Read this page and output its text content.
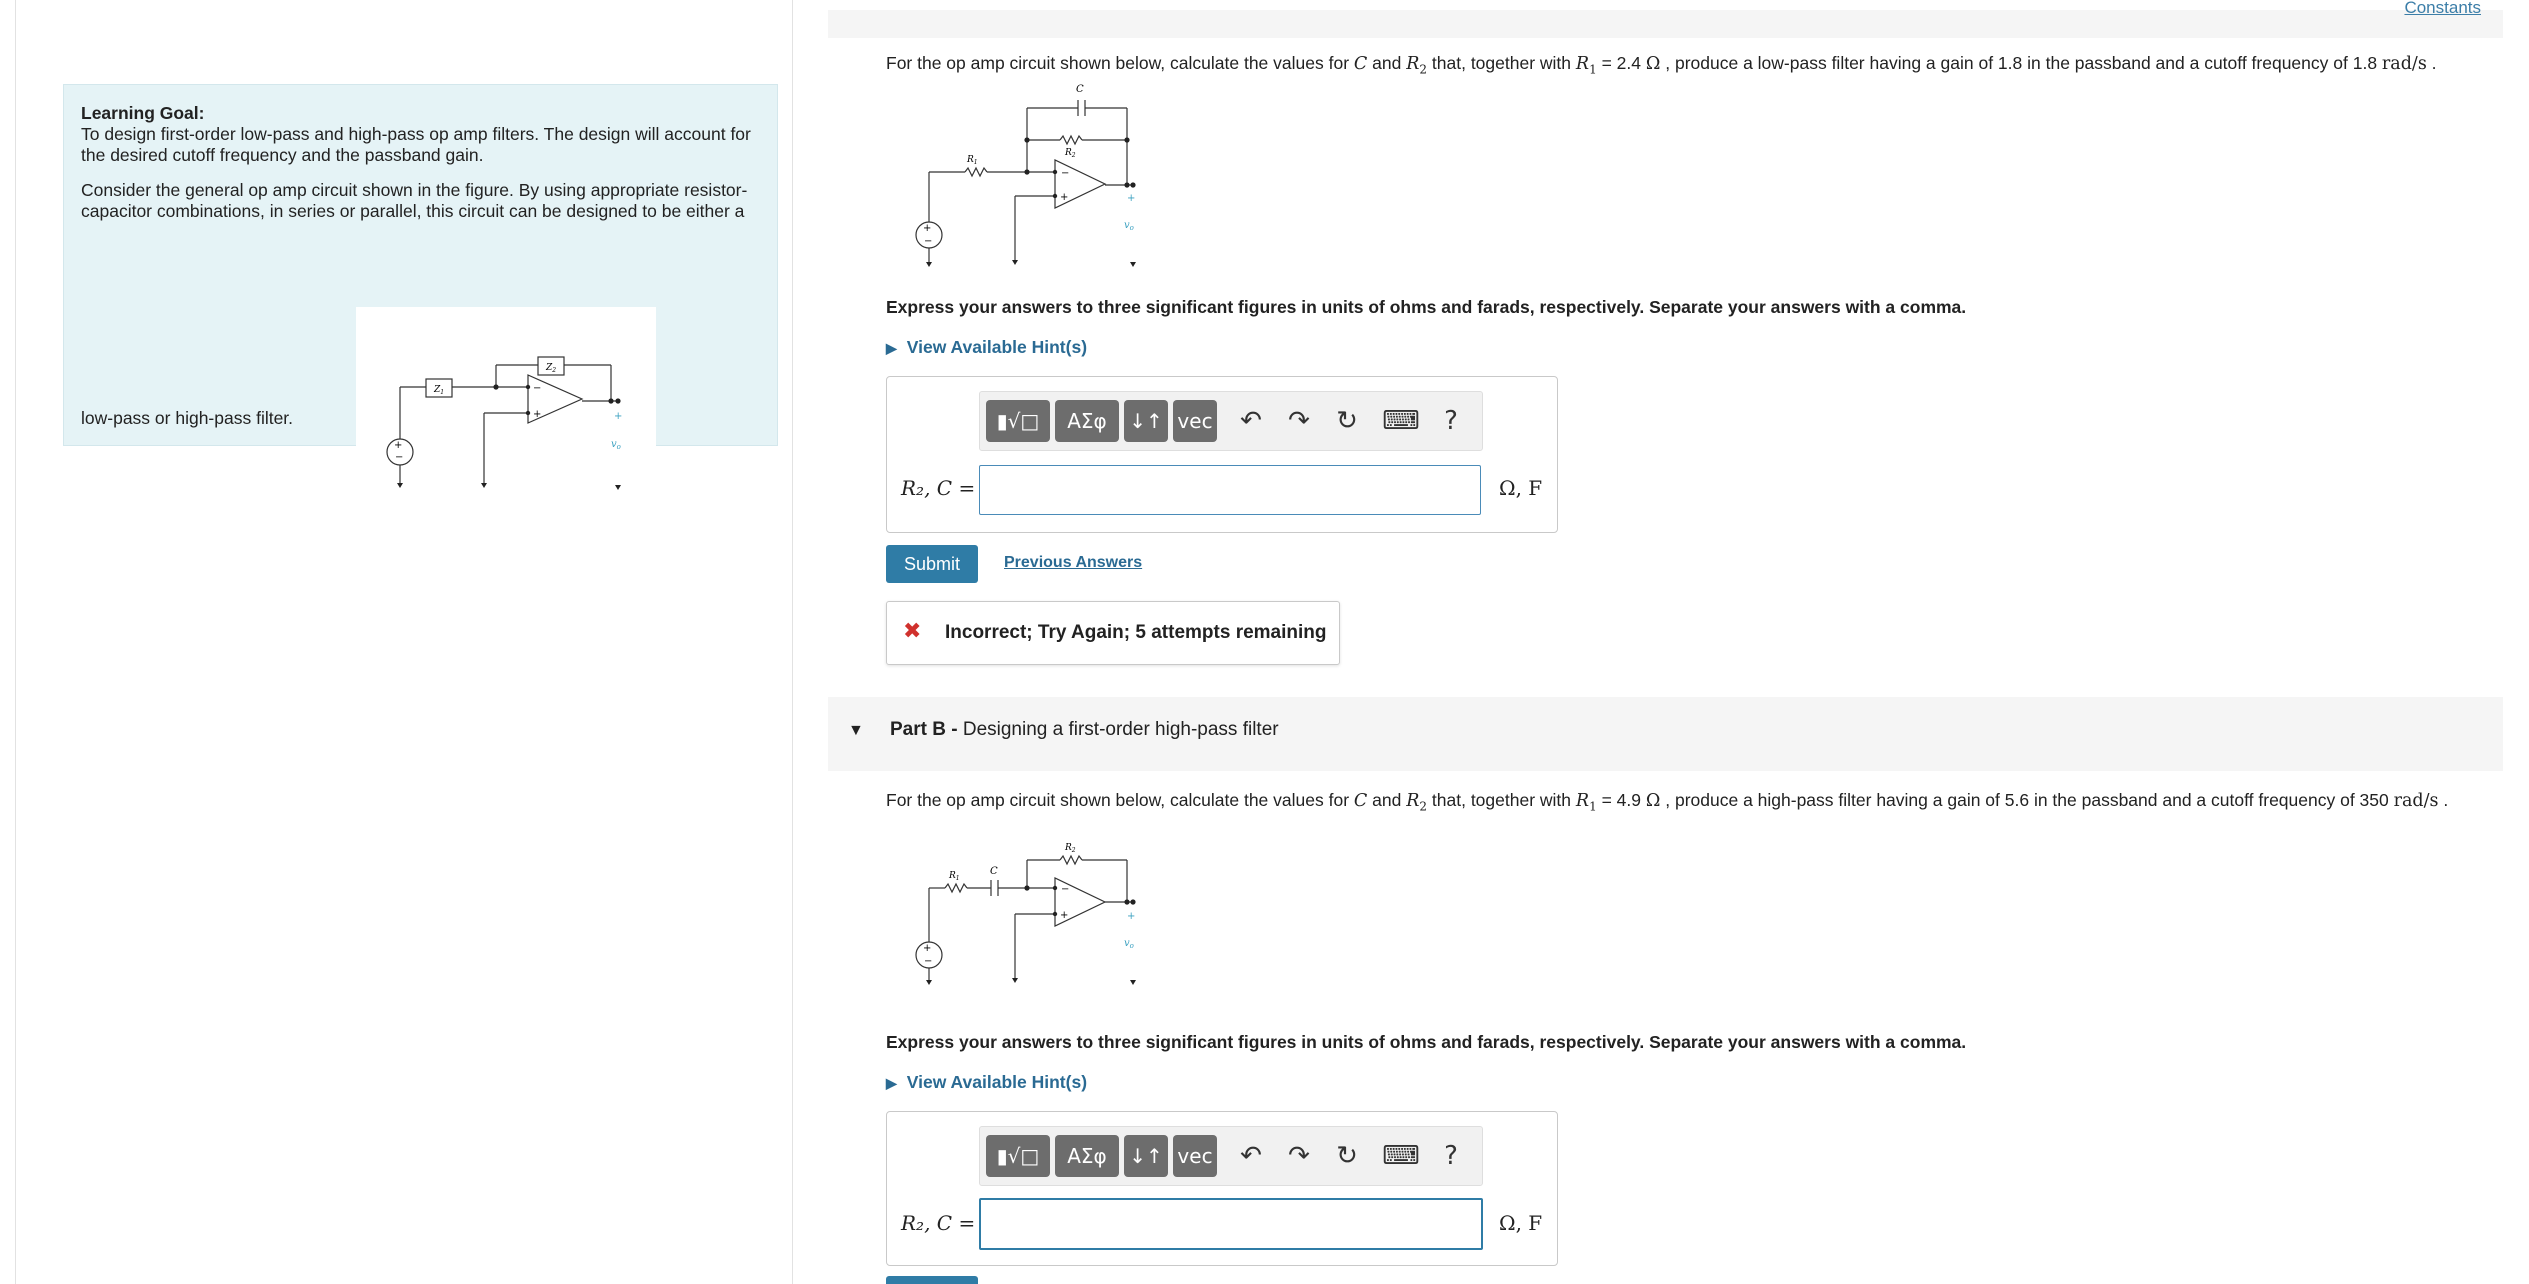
Learning Goal:
To design first-order low-pass and high-pass op amp filters. The design will account for the desired cutoff frequency and the passband gain.
Consider the general op amp circuit shown in the figure. By using appropriate resistor-capacitor combinations, in series or parallel, this circuit can be designed to be either a
+
−
−
+
$Z_1$
$Z_2$
+
$v_o$
low-pass or high-pass filter.
Constants
For the op amp circuit shown below, calculate the values for C and $R_2$ that, together with $R_1 = 2.4$ Ω , produce a low-pass filter having a gain of 1.8 in the passband and a cutoff frequency of 1.8 rad/s .
+
−
−
+
C
$R_1$
$R_2$
+
$v_o$
Express your answers to three significant figures in units of ohms and farads, respectively. Separate your answers with a comma.
▶ View Available Hint(s)
▮√□	ΑΣφ	↓↑ vec ↶ ↷ ↻ ⌨ ?
R₂, C =	Ω, F
Submit	Previous Answers
✖ Incorrect; Try Again; 5 attempts remaining
▼ Part B - Designing a first-order high-pass filter
For the op amp circuit shown below, calculate the values for C and $R_2$ that, together with $R_1 = 4.9$ Ω , produce a high-pass filter having a gain of 5.6 in the passband and a cutoff frequency of 350 rad/s .
+
−
−
+
C
$R_1$
$R_2$
+
$v_o$
Express your answers to three significant figures in units of ohms and farads, respectively. Separate your answers with a comma.
▶ View Available Hint(s)
▮√□	ΑΣφ	↓↑ vec ↶ ↷ ↻ ⌨ ?
R₂, C =	Ω, F
